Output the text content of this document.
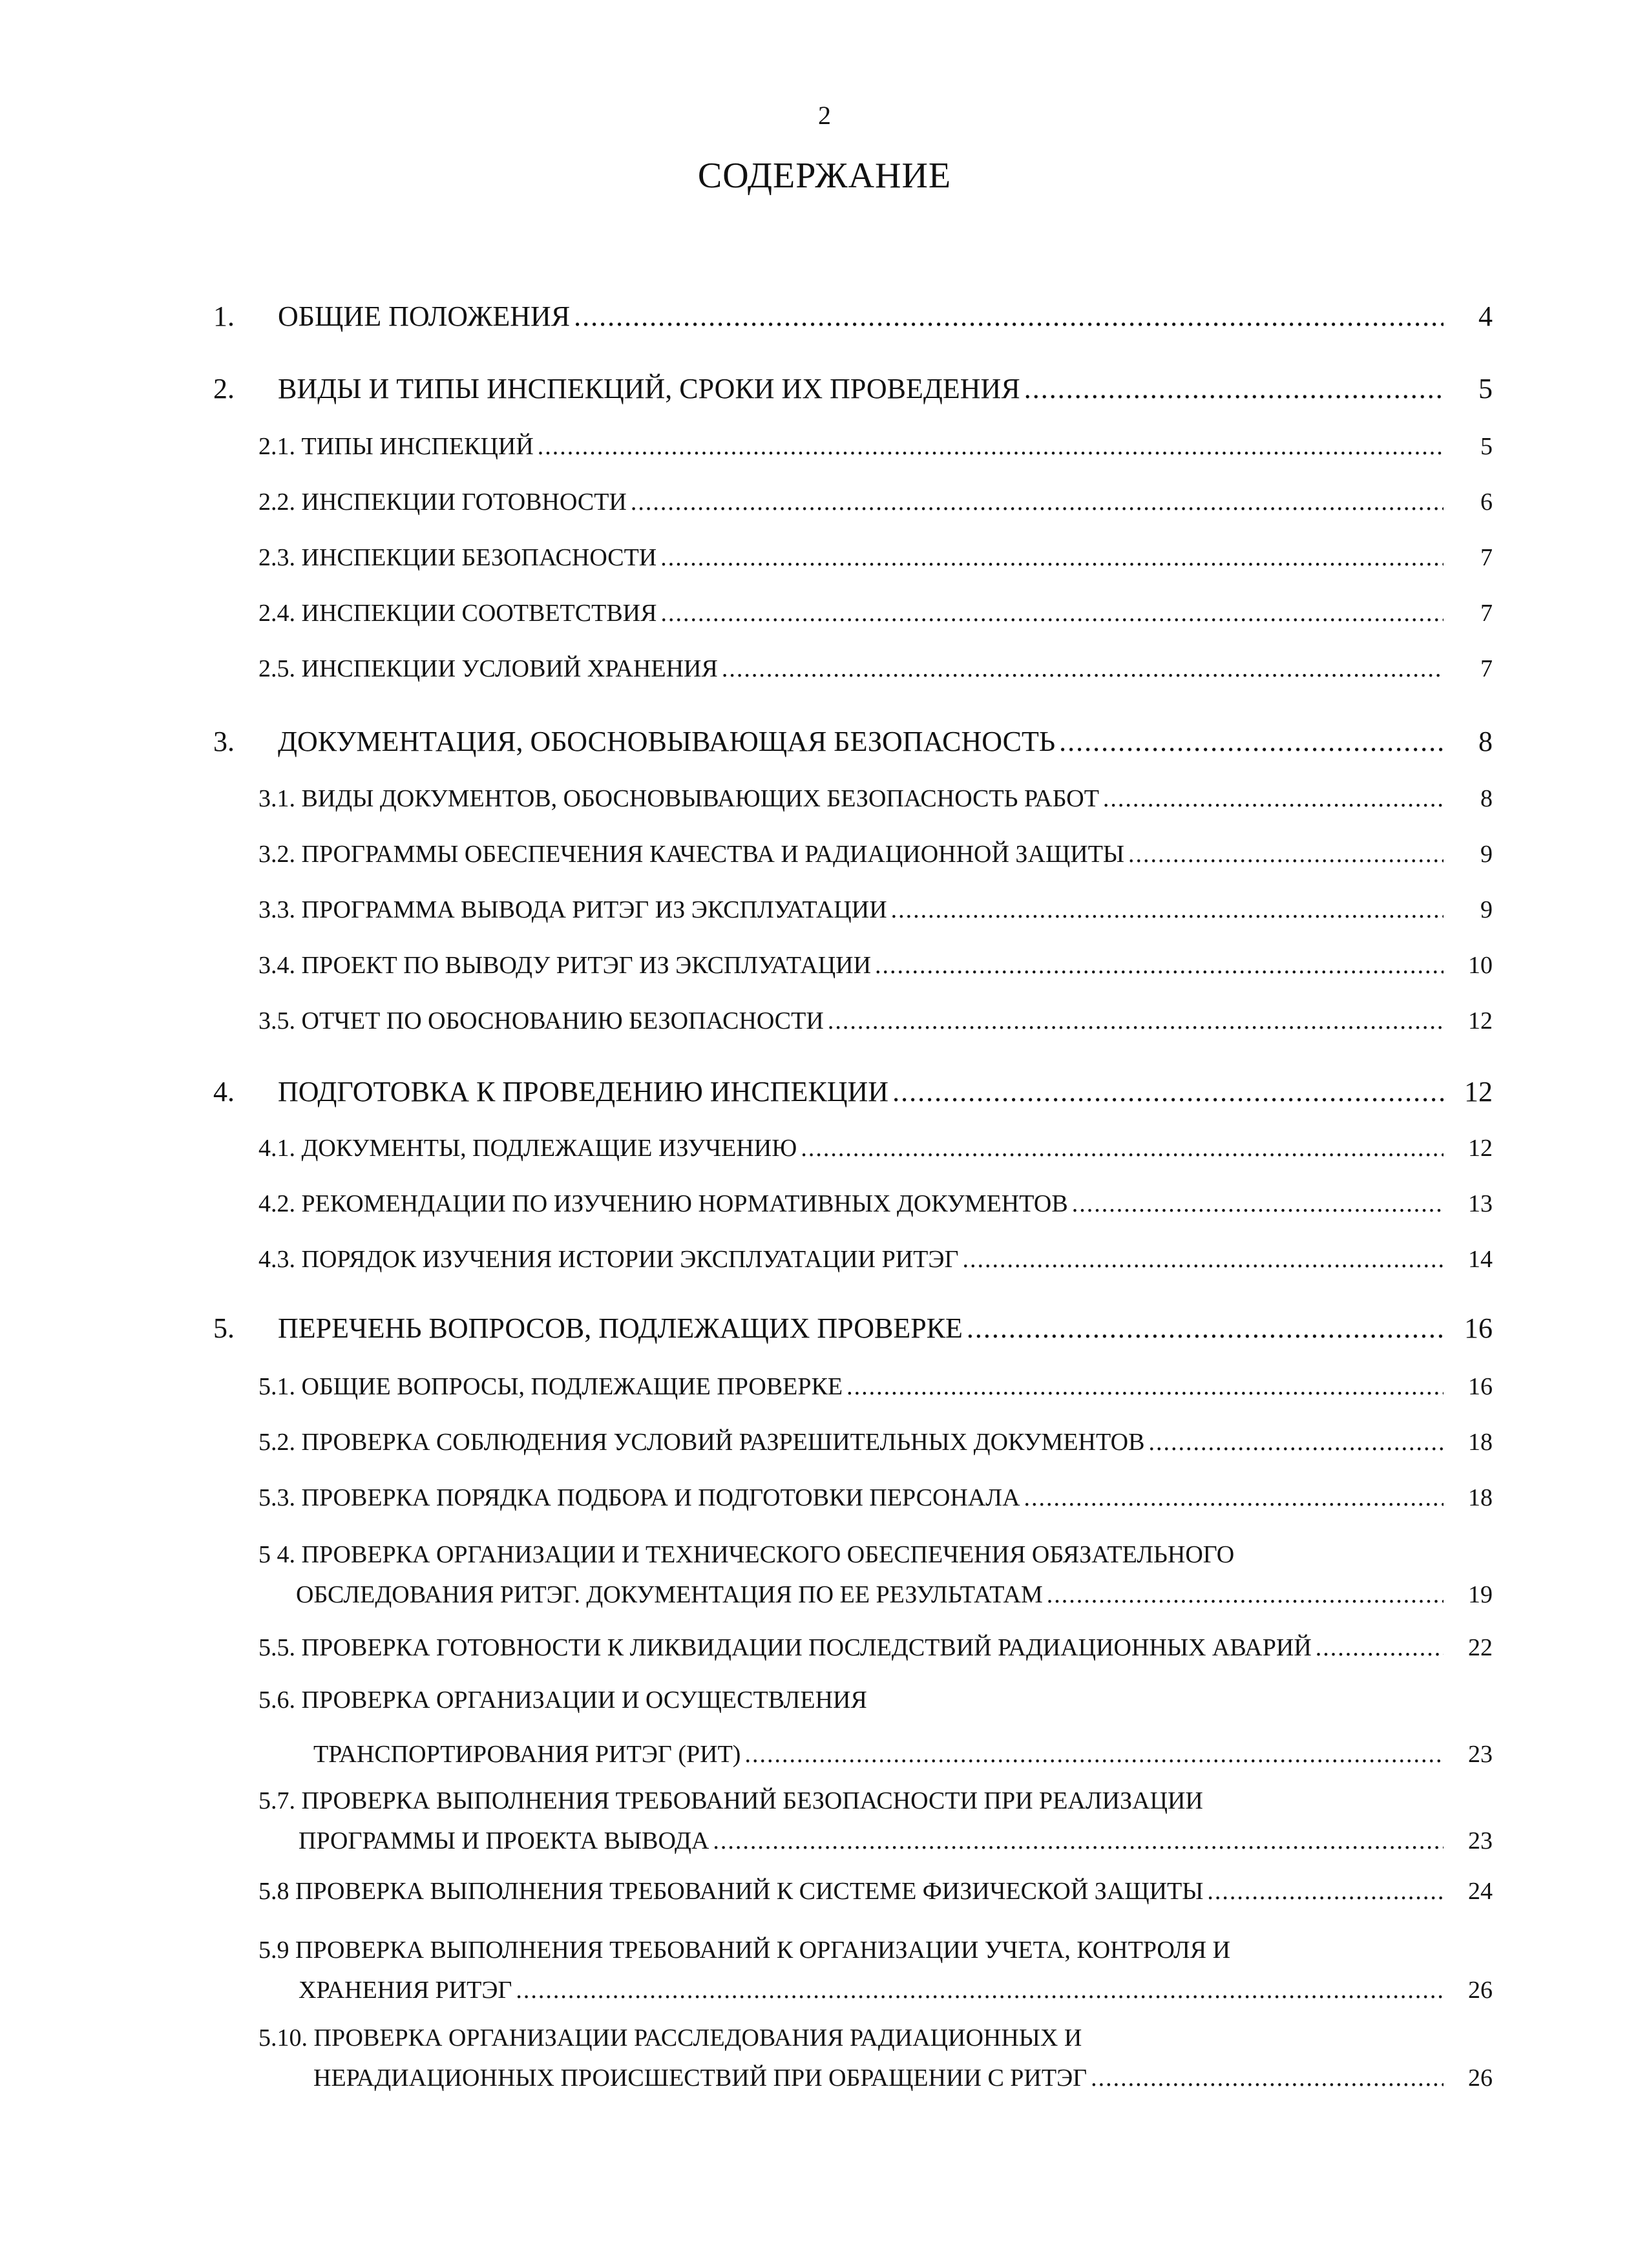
2
СОДЕРЖАНИЕ
1.	ОБЩИЕ ПОЛОЖЕНИЯ .....	4
2.	ВИДЫ И ТИПЫ ИНСПЕКЦИЙ, СРОКИ ИХ ПРОВЕДЕНИЯ .....	5
2.1. ТИПЫ ИНСПЕКЦИЙ .....	5
2.2. ИНСПЕКЦИИ ГОТОВНОСТИ .....	6
2.3. ИНСПЕКЦИИ БЕЗОПАСНОСТИ .....	7
2.4. ИНСПЕКЦИИ СООТВЕТСТВИЯ .....	7
2.5. ИНСПЕКЦИИ УСЛОВИЙ ХРАНЕНИЯ .....	7
3.	ДОКУМЕНТАЦИЯ, ОБОСНОВЫВАЮЩАЯ БЕЗОПАСНОСТЬ .....	8
3.1. ВИДЫ ДОКУМЕНТОВ, ОБОСНОВЫВАЮЩИХ БЕЗОПАСНОСТЬ РАБОТ .....	8
3.2. ПРОГРАММЫ ОБЕСПЕЧЕНИЯ КАЧЕСТВА И РАДИАЦИОННОЙ ЗАЩИТЫ .....	9
3.3. ПРОГРАММА ВЫВОДА РИТЭГ ИЗ ЭКСПЛУАТАЦИИ .....	9
3.4. ПРОЕКТ ПО ВЫВОДУ РИТЭГ ИЗ ЭКСПЛУАТАЦИИ .....	10
3.5. ОТЧЕТ ПО ОБОСНОВАНИЮ БЕЗОПАСНОСТИ .....	12
4.	ПОДГОТОВКА К ПРОВЕДЕНИЮ ИНСПЕКЦИИ .....	12
4.1. ДОКУМЕНТЫ, ПОДЛЕЖАЩИЕ ИЗУЧЕНИЮ .....	12
4.2. РЕКОМЕНДАЦИИ ПО ИЗУЧЕНИЮ НОРМАТИВНЫХ ДОКУМЕНТОВ .....	13
4.3. ПОРЯДОК ИЗУЧЕНИЯ ИСТОРИИ ЭКСПЛУАТАЦИИ РИТЭГ .....	14
5.	ПЕРЕЧЕНЬ ВОПРОСОВ, ПОДЛЕЖАЩИХ ПРОВЕРКЕ .....	16
5.1. ОБЩИЕ ВОПРОСЫ, ПОДЛЕЖАЩИЕ ПРОВЕРКЕ .....	16
5.2. ПРОВЕРКА СОБЛЮДЕНИЯ УСЛОВИЙ РАЗРЕШИТЕЛЬНЫХ ДОКУМЕНТОВ .....	18
5.3. ПРОВЕРКА ПОРЯДКА ПОДБОРА И ПОДГОТОВКИ ПЕРСОНАЛА .....	18
5 4. ПРОВЕРКА ОРГАНИЗАЦИИ И ТЕХНИЧЕСКОГО ОБЕСПЕЧЕНИЯ ОБЯЗАТЕЛЬНОГО
ОБСЛЕДОВАНИЯ РИТЭГ. ДОКУМЕНТАЦИЯ ПО ЕЕ РЕЗУЛЬТАТАМ .....	19
5.5. ПРОВЕРКА ГОТОВНОСТИ К ЛИКВИДАЦИИ ПОСЛЕДСТВИЙ РАДИАЦИОННЫХ АВАРИЙ .....	22
5.6. ПРОВЕРКА ОРГАНИЗАЦИИ И ОСУЩЕСТВЛЕНИЯ
ТРАНСПОРТИРОВАНИЯ РИТЭГ (РИТ) .....	23
5.7. ПРОВЕРКА ВЫПОЛНЕНИЯ ТРЕБОВАНИЙ БЕЗОПАСНОСТИ ПРИ РЕАЛИЗАЦИИ
ПРОГРАММЫ И ПРОЕКТА ВЫВОДА .....	23
5.8 ПРОВЕРКА ВЫПОЛНЕНИЯ ТРЕБОВАНИЙ К СИСТЕМЕ ФИЗИЧЕСКОЙ ЗАЩИТЫ .....	24
5.9 ПРОВЕРКА ВЫПОЛНЕНИЯ ТРЕБОВАНИЙ К ОРГАНИЗАЦИИ УЧЕТА, КОНТРОЛЯ И
ХРАНЕНИЯ РИТЭГ .....	26
5.10. ПРОВЕРКА ОРГАНИЗАЦИИ РАССЛЕДОВАНИЯ РАДИАЦИОННЫХ И
НЕРАДИАЦИОННЫХ ПРОИСШЕСТВИЙ ПРИ ОБРАЩЕНИИ С РИТЭГ .....	26
